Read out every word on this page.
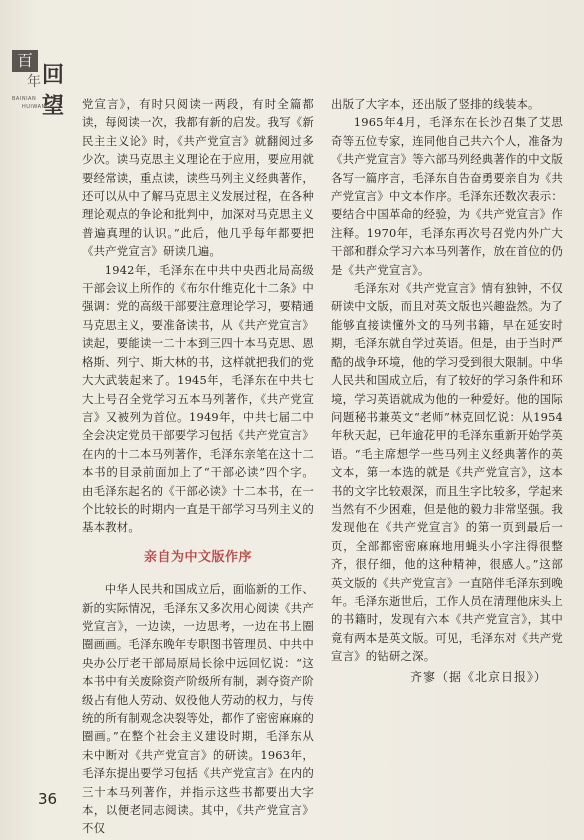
百
年 回望
BAINIAN
HUIWANG	党宣言》，有时只阅读一两段，有时全篇都读，每阅读一次，我都有新的启发。我写《新民主主义论》时，《共产党宣言》就翻阅过多少次。读马克思主义理论在于应用，要应用就要经常读，重点读，读些马列主义经典著作，还可以从中了解马克思主义发展过程，在各种理论观点的争论和批判中，加深对马克思主义普遍真理的认识。”此后，他几乎每年都要把《共产党宣言》研读几遍。

1942年，毛泽东在中共中央西北局高级干部会议上所作的《布尔什维克化十二条》中强调：党的高级干部要注意理论学习，要精通马克思主义，要准备读书，从《共产党宣言》读起，要能读一二十本到三四十本马克思、恩格斯、列宁、斯大林的书，这样就把我们的党大大武装起来了。1945年，毛泽东在中共七大上号召全党学习五本马列著作，《共产党宣言》又被列为首位。1949年，中共七届二中全会决定党员干部要学习包括《共产党宣言》在内的十二本马列著作，毛泽东亲笔在这十二本书的目录前面加上了“干部必读”四个字。由毛泽东起名的《干部必读》十二本书，在一个比较长的时期内一直是干部学习马列主义的基本教材。

亲自为中文版作序

中华人民共和国成立后，面临新的工作、新的实际情况，毛泽东又多次用心阅读《共产党宣言》，一边读，一边思考，一边在书上圈圈画画。毛泽东晚年专职图书管理员、中共中央办公厅老干部局原局长徐中远回忆说：“这本书中有关废除资产阶级所有制，剥夺资产阶级占有他人劳动、奴役他人劳动的权力，与传统的所有制观念决裂等处，都作了密密麻麻的圈画。”在整个社会主义建设时期，毛泽东从未中断对《共产党宣言》的研读。1963年，毛泽东提出要学习包括《共产党宣言》在内的三十本马列著作，并指示这些书都要出大字本，以便老同志阅读。其中，《共产党宣言》不仅

出版了大字本，还出版了竖排的线装本。

1965年4月，毛泽东在长沙召集了艾思奇等五位专家，连同他自己共六个人，准备为《共产党宣言》等六部马列经典著作的中文版各写一篇序言，毛泽东自告奋勇要亲自为《共产党宣言》中文本作序。毛泽东还数次表示：要结合中国革命的经验，为《共产党宣言》作注释。1970年，毛泽东再次号召党内外广大干部和群众学习六本马列著作，放在首位的仍是《共产党宣言》。

毛泽东对《共产党宣言》情有独钟，不仅研读中文版，而且对英文版也兴趣盎然。为了能够直接读懂外文的马列书籍，早在延安时期，毛泽东就自学过英语。但是，由于当时严酷的战争环境，他的学习受到很大限制。中华人民共和国成立后，有了较好的学习条件和环境，学习英语就成为他的一种爱好。他的国际问题秘书兼英文“老师”林克回忆说：从1954年秋天起，已年逾花甲的毛泽东重新开始学英语。“毛主席想学一些马列主义经典著作的英文本，第一本选的就是《共产党宣言》，这本书的文字比较艰深，而且生字比较多，学起来当然有不少困难，但是他的毅力非常坚强。我发现他在《共产党宣言》的第一页到最后一页，全部都密密麻麻地用蝇头小字注得很整齐，很仔细，他的这种精神，很感人。”这部英文版的《共产党宣言》一直陪伴毛泽东到晚年。毛泽东逝世后，工作人员在清理他床头上的书籍时，发现有六本《共产党宣言》，其中竟有两本是英文版。可见，毛泽东对《共产党宣言》的钻研之深。

齐寥（据《北京日报》）
36
